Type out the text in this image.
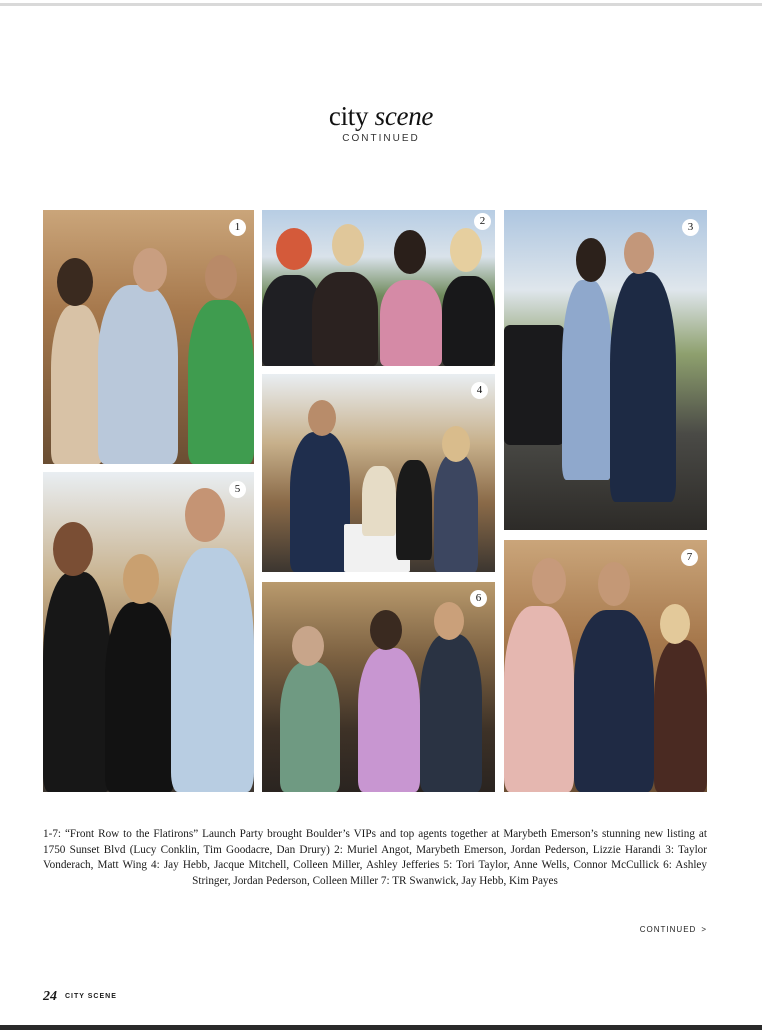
city scene
CONTINUED
1	2	3
4
5
6
7
1-7: “Front Row to the Flatirons” Launch Party brought Boulder’s VIPs and top agents together at Marybeth Emerson’s stunning new listing at 1750 Sunset Blvd (Lucy Conklin, Tim Goodacre, Dan Drury) 2: Muriel Angot, Marybeth Emerson, Jordan Pederson, Lizzie Harandi 3: Taylor Vonderach, Matt Wing 4: Jay Hebb, Jacque Mitchell, Colleen Miller, Ashley Jefferies 5: Tori Taylor, Anne Wells, Connor McCullick 6: Ashley Stringer, Jordan Pederson, Colleen Miller 7: TR Swanwick, Jay Hebb, Kim Payes
CONTINUED >
24 CITY SCENE
